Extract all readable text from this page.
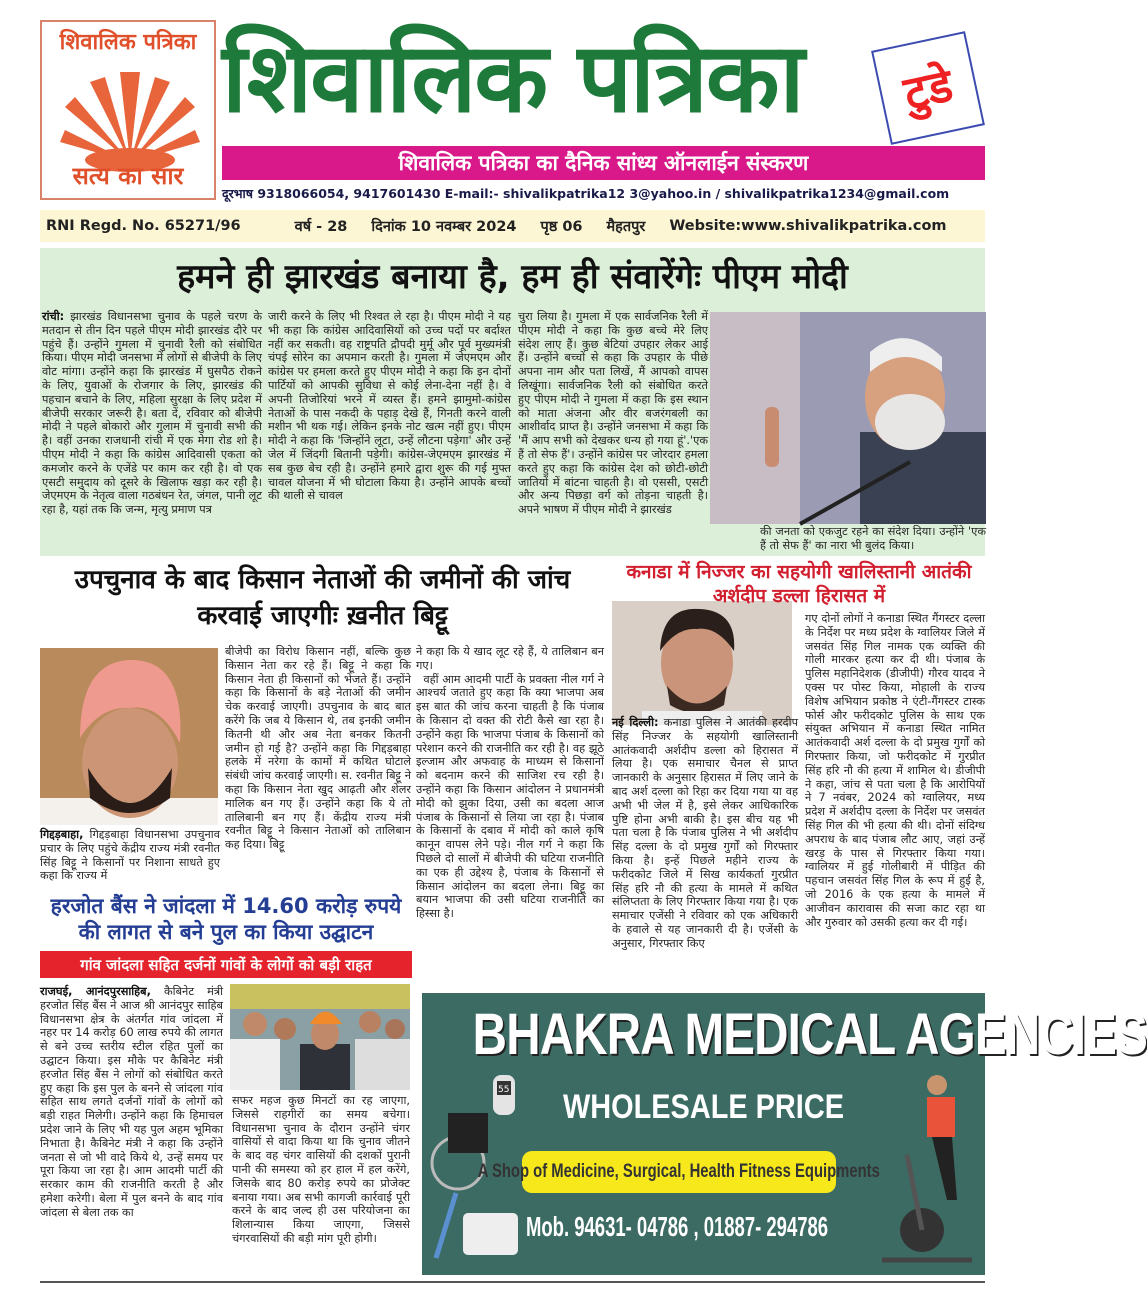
शिवालिक पत्रिका
सत्य का सार
शिवालिक पत्रिका	टुडे
शिवालिक पत्रिका का दैनिक सांध्य ऑनलाईन संस्करण
दूरभाष 9318066054, 9417601430 E-mail:- shivalikpatrika12 3@yahoo.in / shivalikpatrika1234@gmail.com
RNI Regd. No. 65271/96	वर्ष - 28 दिनांक 10 नवम्बर 2024 पृष्ठ 06 मैहतपुर Website:www.shivalikpatrika.com
हमने ही झारखंड बनाया है, हम ही संवारेंगेः पीएम मोदी
रांची: झारखंड विधानसभा चुनाव के पहले चरण के मतदान से तीन दिन पहले पीएम मोदी झारखंड दौरे पर पहुंचे हैं। उन्होंने गुमला में चुनावी रैली को संबोधित किया। पीएम मोदी जनसभा में लोगों से बीजेपी के लिए वोट मांगा। उन्होंने कहा कि झारखंड में घुसपैठ रोकने के लिए, युवाओं के रोजगार के लिए, झारखंड की पहचान बचाने के लिए, महिला सुरक्षा के लिए प्रदेश में बीजेपी सरकार जरूरी है। बता दें, रविवार को बीजेपी मोदी ने पहले बोकारो और गुलाम में चुनावी सभी की है। वहीं उनका राजधानी रांची में एक मेगा रोड शो है। पीएम मोदी ने कहा कि कांग्रेस आदिवासी एकता को कमजोर करने के एजेंडे पर काम कर रही है। वो एक एसटी समुदाय को दूसरे के खिलाफ खड़ा कर रही है। जेएमएम के नेतृत्व वाला गठबंधन रेत, जंगल, पानी लूट रहा है, यहां तक कि जन्म, मृत्यु प्रमाण पत्र
जारी करने के लिए भी रिश्वत ले रहा है। पीएम मोदी ने यह भी कहा कि कांग्रेस आदिवासियों को उच्च पदों पर बर्दाश्त नहीं कर सकती। वह राष्ट्रपति द्रौपदी मुर्मू और पूर्व मुख्यमंत्री चंपई सोरेन का अपमान करती है। गुमला में जेएमएम और कांग्रेस पर हमला करते हुए पीएम मोदी ने कहा कि इन दोनों पार्टियों को आपकी सुविधा से कोई लेना-देना नहीं है। वे अपनी तिजोरियां भरने में व्यस्त हैं। हमने झामुमो-कांग्रेस नेताओं के पास नकदी के पहाड़ देखे हैं, गिनती करने वाली मशीन भी थक गई। लेकिन इनके नोट खत्म नहीं हुए। पीएम मोदी ने कहा कि 'जिन्होंने लूटा, उन्हें लौटना पड़ेगा' और उन्हें जेल में जिंदगी बितानी पड़ेगी। कांग्रेस-जेएमएम झारखंड में सब कुछ बेच रही है। उन्होंने हमारे द्वारा शुरू की गई मुफ्त चावल योजना में भी घोटाला किया है। उन्होंने आपके बच्चों की थाली से चावल
चुरा लिया है। गुमला में एक सार्वजनिक रैली में पीएम मोदी ने कहा कि कुछ बच्चे मेरे लिए संदेश लाए हैं। कुछ बेटियां उपहार लेकर आई हैं। उन्होंने बच्चों से कहा कि उपहार के पीछे अपना नाम और पता लिखें, मैं आपको वापस लिखूंगा। सार्वजनिक रैली को संबोधित करते हुए पीएम मोदी ने गुमला में कहा कि इस स्थान को माता अंजना और वीर बजरंगबली का आशीर्वाद प्राप्त है। उन्होंने जनसभा में कहा कि 'मैं आप सभी को देखकर धन्य हो गया हूं'.'एक हैं तो सेफ हैं'। उन्होंने कांग्रेस पर जोरदार हमला करते हुए कहा कि कांग्रेस देश को छोटी-छोटी जातियों में बांटना चाहती है। वो एससी, एसटी और अन्य पिछड़ा वर्ग को तोड़ना चाहती है। अपने भाषण में पीएम मोदी ने झारखंड
की जनता को एकजुट रहने का संदेश दिया। उन्होंने 'एक हैं तो सेफ हैं' का नारा भी बुलंद किया।
उपचुनाव के बाद किसान नेताओं की जमीनों की जांच करवाई जाएगीः ख़नीत बिट्टू
गिद्दड़बाहा, गिद्दड़बाहा विधानसभा उपचुनाव प्रचार के लिए पहुंचे केंद्रीय राज्य मंत्री रवनीत सिंह बिट्टू ने किसानों पर निशाना साधते हुए कहा कि राज्य में
बीजेपी का विरोध किसान नहीं, बल्कि कुछ किसान नेता कर रहे हैं। बिट्टू ने कहा कि किसान नेता ही किसानों को भेजते हैं। उन्होंने कहा कि किसानों के बड़े नेताओं की जमीन चेक करवाई जाएगी। उपचुनाव के बाद बात करेंगे कि जब ये किसान थे, तब इनकी जमीन कितनी थी और अब नेता बनकर कितनी जमीन हो गई है? उन्होंने कहा कि गिद्दड़बाहा हलके में नरेगा के कामों में कथित घोटाले संबंधी जांच करवाई जाएगी। स. रवनीत बिट्टू ने कहा कि किसान नेता खुद आढ़ती और शेलर मालिक बन गए हैं। उन्होंने कहा कि ये तो तालिबानी बन गए हैं। केंद्रीय राज्य मंत्री रवनीत बिट्टू ने किसान नेताओं को तालिबान कह दिया। बिट्टू
ने कहा कि ये खाद लूट रहे हैं, ये तालिबान बन गए।
वहीं आम आदमी पार्टी के प्रवक्ता नील गर्ग ने आश्चर्य जताते हुए कहा कि क्या भाजपा अब इस बात की जांच करना चाहती है कि पंजाब के किसान दो वक्त की रोटी कैसे खा रहा है। उन्होंने कहा कि भाजपा पंजाब के किसानों को परेशान करने की राजनीति कर रही है। वह झूठे इल्जाम और अफवाह के माध्यम से किसानों को बदनाम करने की साजिश रच रही है। उन्होंने कहा कि किसान आंदोलन ने प्रधानमंत्री मोदी को झुका दिया, उसी का बदला आज पंजाब के किसानों से लिया जा रहा है। पंजाब के किसानों के दबाव में मोदी को काले कृषि कानून वापस लेने पड़े। नील गर्ग ने कहा कि पिछले दो सालों में बीजेपी की घटिया राजनीति का एक ही उद्देश्य है, पंजाब के किसानों से किसान आंदोलन का बदला लेना। बिट्टू का बयान भाजपा की उसी घटिया राजनीति का हिस्सा है।
कनाडा में निज्जर का सहयोगी खालिस्तानी आतंकी अर्शदीप डल्ला हिरासत में
नई दिल्ली: कनाडा पुलिस ने आतंकी हरदीप सिंह निज्जर के सहयोगी खालिस्तानी आतंकवादी अर्शदीप डल्ला को हिरासत में लिया है। एक समाचार चैनल से प्राप्त जानकारी के अनुसार हिरासत में लिए जाने के बाद अर्श दल्ला को रिहा कर दिया गया या वह अभी भी जेल में है, इसे लेकर आधिकारिक पुष्टि होना अभी बाकी है। इस बीच यह भी पता चला है कि पंजाब पुलिस ने भी अर्शदीप सिंह दल्ला के दो प्रमुख गुर्गों को गिरफ्तार किया है। इन्हें पिछले महीने राज्य के फरीदकोट जिले में सिख कार्यकर्ता गुरप्रीत सिंह हरि नौ की हत्या के मामले में कथित संलिप्तता के लिए गिरफ्तार किया गया है। एक समाचार एजेंसी ने रविवार को एक अधिकारी के हवाले से यह जानकारी दी है। एजेंसी के अनुसार, गिरफ्तार किए
गए दोनों लोगों ने कनाडा स्थित गैंगस्टर दल्ला के निर्देश पर मध्य प्रदेश के ग्वालियर जिले में जसवंत सिंह गिल नामक एक व्यक्ति की गोली मारकर हत्या कर दी थी। पंजाब के पुलिस महानिदेशक (डीजीपी) गौरव यादव ने एक्स पर पोस्ट किया, मोहाली के राज्य विशेष अभियान प्रकोष्ठ ने एंटी-गैंगस्टर टास्क फोर्स और फरीदकोट पुलिस के साथ एक संयुक्त अभियान में कनाडा स्थित नामित आतंकवादी अर्श दल्ला के दो प्रमुख गुर्गों को गिरफ्तार किया, जो फरीदकोट में गुरप्रीत सिंह हरि नौ की हत्या में शामिल थे। डीजीपी ने कहा, जांच से पता चला है कि आरोपियों ने 7 नवंबर, 2024 को ग्वालियर, मध्य प्रदेश में अर्शदीप दल्ला के निर्देश पर जसवंत सिंह गिल की भी हत्या की थी। दोनों संदिग्ध अपराध के बाद पंजाब लौट आए, जहां उन्हें खरड़ के पास से गिरफ्तार किया गया। ग्वालियर में हुई गोलीबारी में पीड़ित की पहचान जसवंत सिंह गिल के रूप में हुई है, जो 2016 के एक हत्या के मामले में आजीवन कारावास की सजा काट रहा था और गुरुवार को उसकी हत्या कर दी गई।
हरजोत बैंस ने जांदला में 14.60 करोड़ रुपये की लागत से बने पुल का किया उद्घाटन
गांव जांदला सहित दर्जनों गांवों के लोगों को बड़ी राहत
राजघई, आनंदपुरसाहिब, कैबिनेट मंत्री हरजोत सिंह बैंस ने आज श्री आनंदपुर साहिब विधानसभा क्षेत्र के अंतर्गत गांव जांदला में नहर पर 14 करोड़ 60 लाख रुपये की लागत से बने उच्च स्तरीय स्टील रहित पुलों का उद्घाटन किया। इस मौके पर कैबिनेट मंत्री हरजोत सिंह बैंस ने लोगों को संबोधित करते हुए कहा कि इस पुल के बनने से जांदला गांव सहित साथ लगते दर्जनों गांवों के लोगों को बड़ी राहत मिलेगी। उन्होंने कहा कि हिमाचल प्रदेश जाने के लिए भी यह पुल अहम भूमिका निभाता है। कैबिनेट मंत्री ने कहा कि उन्होंने जनता से जो भी वादे किये थे, उन्हें समय पर पूरा किया जा रहा है। आम आदमी पार्टी की सरकार काम की राजनीति करती है और हमेशा करेगी। बेला में पुल बनने के बाद गांव जांदला से बेला तक का
सफर महज कुछ मिनटों का रह जाएगा, जिससे राहगीरों का समय बचेगा। विधानसभा चुनाव के दौरान उन्होंने चंगर वासियों से वादा किया था कि चुनाव जीतने के बाद वह चंगर वासियों की दशकों पुरानी पानी की समस्या को हर हाल में हल करेंगे, जिसके बाद 80 करोड़ रुपये का प्रोजेक्ट बनाया गया। अब सभी कागजी कार्रवाई पूरी करने के बाद जल्द ही उस परियोजना का शिलान्यास किया जाएगा, जिससे चंगरवासियों की बड़ी मांग पूरी होगी।
55
BHAKRA MEDICAL AGENCIES
WHOLESALE PRICE
A Shop of Medicine, Surgical, Health Fitness Equipments
Mob. 94631- 04786 , 01887- 294786
